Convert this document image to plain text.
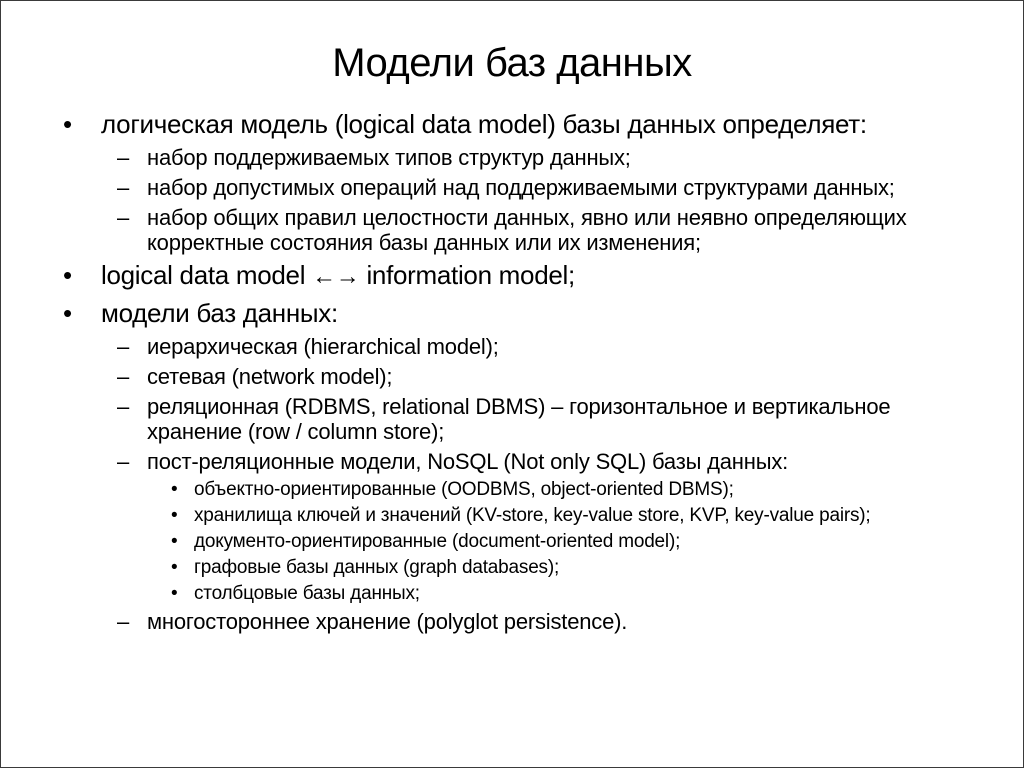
Модели баз данных
• логическая модель (logical data model) базы данных определяет:
– набор поддерживаемых типов структур данных;
– набор допустимых операций над поддерживаемыми структурами данных;
– набор общих правил целостности данных, явно или неявно определяющих корректные состояния базы данных или их изменения;
• logical data model ←→ information model;
• модели баз данных:
– иерархическая (hierarchical model);
– сетевая (network model);
– реляционная (RDBMS, relational DBMS) – горизонтальное и вертикальное хранение (row / column store);
– пост-реляционные модели, NoSQL (Not only SQL) базы данных:
• объектно-ориентированные (OODBMS, object-oriented DBMS);
• хранилища ключей и значений (KV-store, key-value store, KVP, key-value pairs);
• документо-ориентированные (document-oriented model);
• графовые базы данных (graph databases);
• столбцовые базы данных;
– многостороннее хранение (polyglot persistence).
